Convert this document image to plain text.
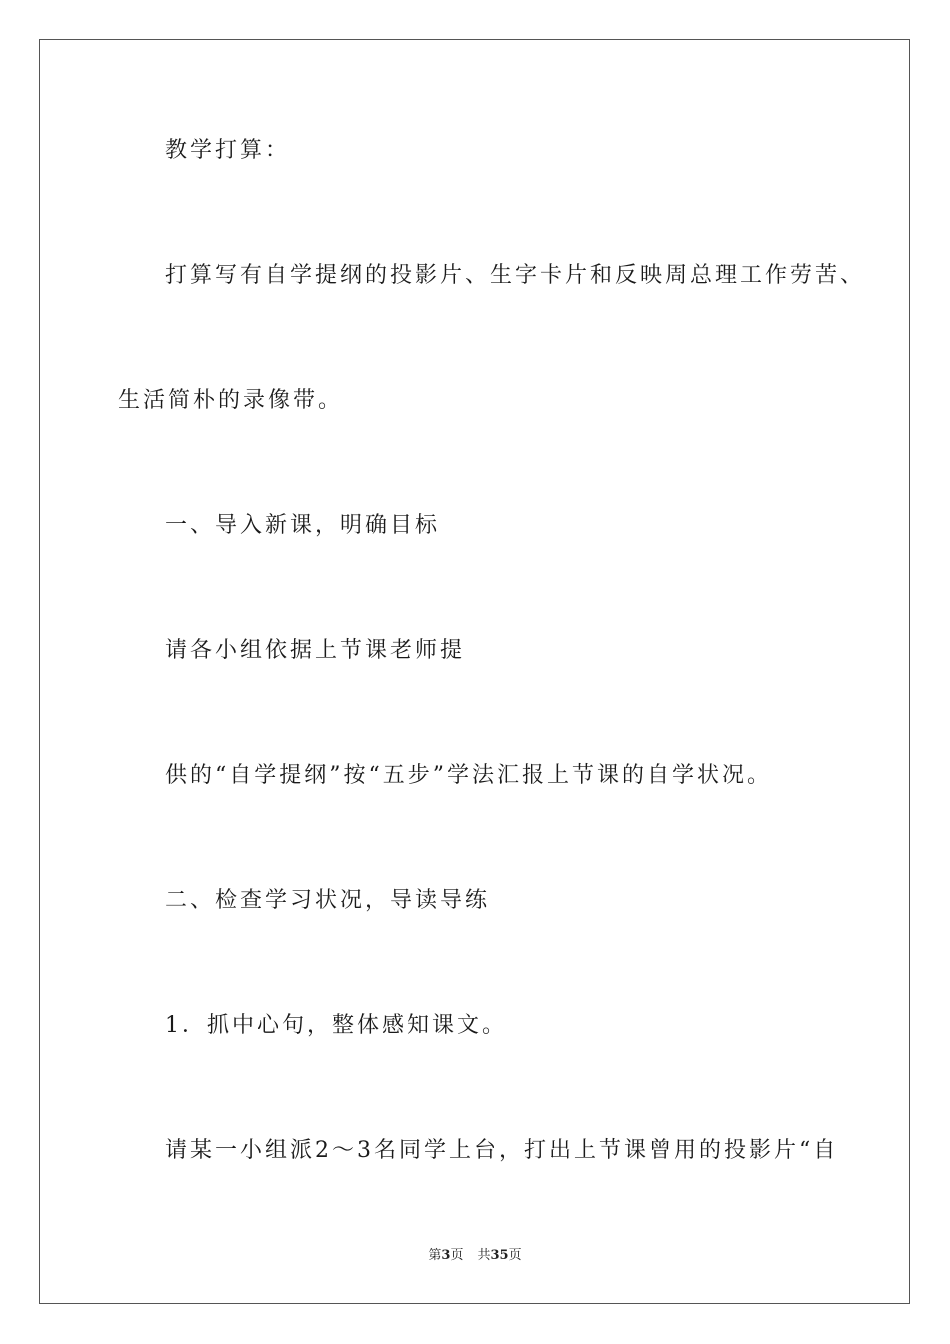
教学打算：
打算写有自学提纲的投影片、生字卡片和反映周总理工作劳苦、
生活简朴的录像带。
一、导入新课，明确目标
请各小组依据上节课老师提
供的“自学提纲”按“五步”学法汇报上节课的自学状况。
二、检查学习状况，导读导练
1．抓中心句，整体感知课文。
请某一小组派2～3名同学上台，打出上节课曾用的投影片“自
第3页 共35页
